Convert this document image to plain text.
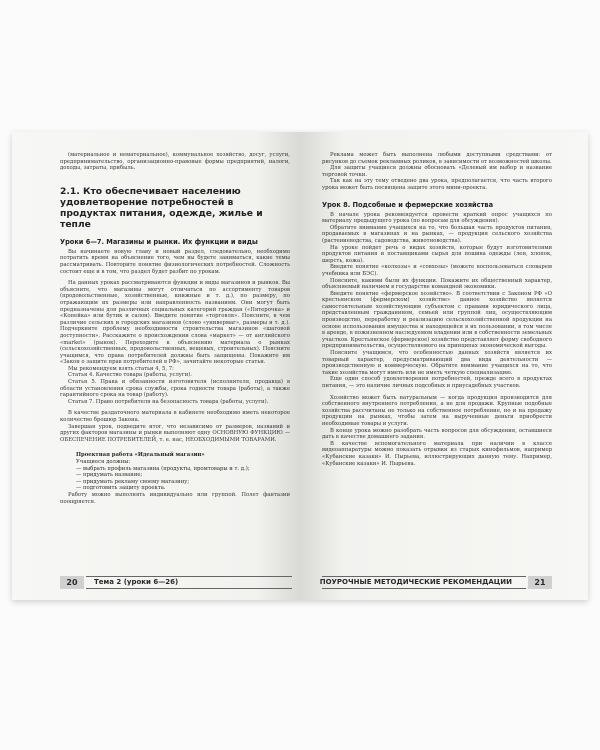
(материальное и нематериальное), коммунальное хозяйство, досуг, услуги, предпринимательство, организационно-правовые формы предприятий, налоги, доходы, затраты, прибыль.

2.1. Кто обеспечивает населению удовлетворение потребностей в продуктах питания, одежде, жилье и тепле
Уроки 6—7. Магазины и рынки. Их функции и виды

Вы начинаете новую главу и новый раздел, следовательно, необходимо потратить время на объяснение того, чем вы будете заниматься, какие темы рассматривать. Повторите понятие физиологических потребностей. Сложность состоит еще и в том, что раздел будет разбит по урокам.

На данных уроках рассматриваются функции и виды магазинов и рынков. Вы объясните, что магазины могут отличаться по ассортименту товаров (продовольственные, хозяйственные, книжные и т. д.), по размеру, по отражающим их размеры или направленность названиям. Они могут быть предназначены для различных социальных категорий граждан («Пятерочка» и «Копейка» или бутик и салон). Введите понятие «торговля». Поясните, в чем различие сельских и городских магазинов (слово «универмаг», размеры и т. д.). Подчеркните проблему необходимости строительства магазинов «шаговой доступности». Расскажите о происхождении слова «маркет» — от английского «market» (рынок). Переходите к объяснению материала о рынках (сельскохозяйственных, продовольственных, вещевых, строительных). Поясните учащимся, что права потребителей должны быть защищены. Покажите им «Закон о защите прав потребителей в РФ», зачитайте некоторые статьи.

Мы рекомендуем взять статьи 4, 5, 7:

Статья 4. Качество товара (работы, услуги).

Статья 5. Права и обязанности изготовителя (исполнителя, продавца) в области установления срока службы, срока годности товара (работы), а также гарантийного срока на товар (работу).

Статья 7. Право потребителя на безопасность товара (работы, услуги).

В качестве раздаточного материала в кабинете необходимо иметь некоторое количество брошюр Закона.

Завершая урок, подведите итог, что независимо от размеров, названий и других факторов магазины и рынки выполняют одну ОСНОВНУЮ ФУНКЦИЮ — ОБЕСПЕЧЕНИЕ ПОТРЕБИТЕЛЕЙ, т. е. нас, НЕОБХОДИМЫМИ ТОВАРАМИ.

Проектная работа «Идеальный магазин»
Учащиеся должны:
— выбрать профиль магазина (продукты, промтовары и т. д.);
— придумать название;
— придумать рекламу своему магазину;
— подготовить защиту проекта.

Работу можно выполнять индивидуально или группой. Полет фантазии поощряется.

20	Тема 2 (уроки 6—26)

Реклама может быть выполнена любыми доступными средствами: от рисунков до съемок рекламных роликов, в зависимости от возможностей школы.

Для защиты учащиеся должны обосновать «Делевый им выбор и название торговой точки.

Так как на эту тему отведено два урока, предполагается, что часть второго урока может быть посвящена защите этого мини-проекта.

Урок 8. Подсобные и фермерские хозяйства

В начале урока рекомендуется провести краткий опрос учащихся по материалу предыдущего урока (по вопросам для обсуждения).

Обратите внимание учащихся на то, что большая часть продуктов питания, продаваемых в магазинах и на рынках, — продукция сельского хозяйства (растениеводства, садоводства, животноводства).

На уроке пойдет речь о видах хозяйств, которые будут изготовителями продуктов питания и поставщиками сырья для пошива одежды (лен, хлопок, шерсть, кожа).

Введите понятие «колхозы» и «совхозы» (можете воспользоваться словарем учебника или БЭС).

Поясните, какими были их функции. Покажите их общественный характер, объясняемый наличием в государстве командной экономики.

Введите понятие «фермерское хозяйство». В соответствии с Законом РФ «О крестьянском (фермерском) хозяйстве» данное хозяйство является самостоятельным хозяйствующим субъектом с правами юридического лица, представленным гражданином, семьей или группой лиц, осуществляющим производство, переработку и реализацию сельскохозяйственной продукции на основе использования имущества и находящейся в их пользовании, в том числе в аренде, в пожизненном наследуемом владении или в собственности земельных участков. Крестьянское (фермерское) хозяйство представляет форму свободного предпринимательства, осуществляемого на принципах экономической выгоды.

Поясните учащимся, что особенностью данных хозяйств является их товарный характер, предусматривающий два вида деятельности — производственную и коммерческую. Обратите внимание учащихся на то, что такие хозяйства могут иметь или не иметь четкую специализацию.

Еще один способ удовлетворения потребностей, прежде всего в продуктах питания, — это наличие личных подсобных и приусадебных участков.

Хозяйство может быть натуральным — когда продукция производится для собственного внутреннего потребления, а не для продажи. Крупные подобные хозяйства рассчитаны не только на собственное потребление, но и на продажу продукции на рынках, чтобы затем на вырученные деньги приобрести необходимые товары и услуги.

В конце урока можно разобрать часть вопросов для обсуждения, оставшиеся дать в качестве домашнего задания.

В качестве вспомогательного материала при наличии в классе видеоаппаратуры можно показать отрывки из старых кинофильмов, например «Кубанские казаки» И. Пырьева, иллюстрирующих данную тему. Например, «Кубанские казаки» И. Пырьева.

ПОУРОЧНЫЕ МЕТОДИЧЕСКИЕ РЕКОМЕНДАЦИИ	21
